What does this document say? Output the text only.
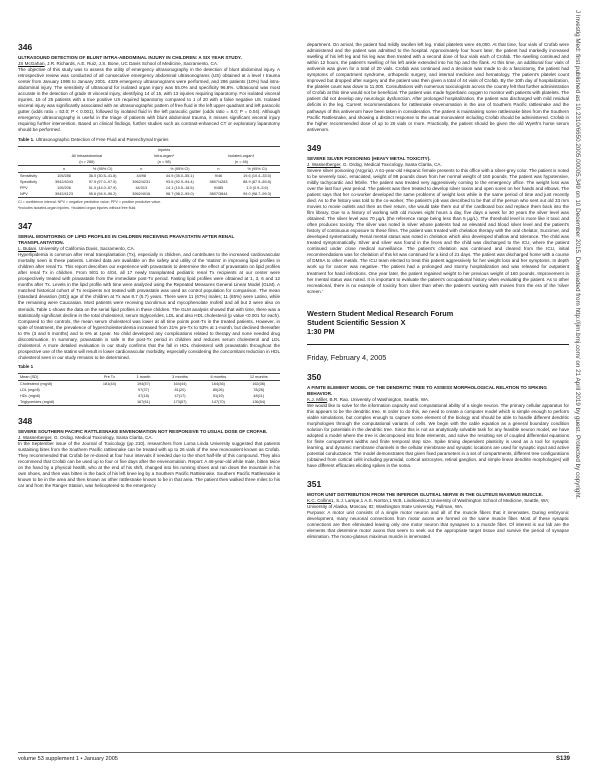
J Investig Med: first published as 10.2310/6650.2005.00005.349 on 10 December 2015. Downloaded from http://jim.bmj.com/ on 21 April 2019 by guest. Protected by copyright.

346

ULTRASOUND DETECTION OF BLUNT INTRA-ABDOMINAL INJURY IN CHILDREN: A SIX YEAR STUDY.

JS McGahan, J.R. Richards, A.E. Ruiz, J.S. Bone, UC Davis School of Medicine, Sacramento, CA.

The objective of this study was to assess the utility of emergency ultrasonography in the detection of blunt abdominal injury. A retrospective review was conducted of all consecutive emergency abdominal ultrasonograms (US) obtained at a level I trauma center from January 1995 to January 2001. 4329 emergency ultrasonograms were performed, and 286 patients (10%) had intra-abdominal injury. The sensitivity of ultrasound for isolated organ injury was 55.0% and specificity 96.8%. Ultrasound was most accurate in the detection of grade III visceral injury, identifying 14 of 15, with 13 injuries requiring laparotomy. For isolated visceral injuries, 15 of 25 patients with a true positive US required laparotomy compared to 1 of 20 with a false negative US. Isolated visceral injury was significantly associated with an ultrasonographic pattern of free fluid in the left upper quadrant and left paracolic gutter (odds ratio = 53.0; P < 0.001), followed by isolated fluid in the left paracolic gutter (odds ratio = 8.0; P = 0.04). Although emergency ultrasonography is useful in the triage of patients with blunt abdominal trauma, it misses significant visceral injury requiring further intervention. Based on clinical findings, further studies such as contrast-enhanced CT or exploratory laparotomy should be performed.

Table 1. Ultrasonographic Detection of Free Fluid and Parenchymal Injuries

	Injuries					
	All Intraabdominal		Intra-organ*		Isolated-organ†	
	(n = 286)		(n = 98)		(n = 46)	
	n	% (95% CI)	n	% (95% CI)	n	% (95% CI)
Sensitivity	105/286	36.0 (30.5–41.8)	44/98	44.9 (35.0–55.1)	9/46	19.6 (10.4–33.5)
Specificity	3942/4043	97.5 (97.0–97.9)	3962/4231	93.6 (92.9–94.4)	3807/4283	88.9 (87.9–89.8)
PPV	105/206	51.0 (44.0–57.9)	44/313	14.1 (10.5–18.5)	9/485	1.9 (0.9–3.6)
NPV	3942/4123	95.6 (94.9–96.2)	3962/4016	98.7 (98.2–99.0)	3807/3844	99.0 (98.7–99.3)

CI = confidence interval; NPV = negative predictive value; PPV = positive predictive value.

*Includes isolated-organ injuries. †Isolated organ injuries without free fluid.

347

SERIAL MONITORING OF LIPID PROFILES IN CHILDREN RECEIVING PRAVASTATIN AFTER RENAL TRANSPLANTATION.

L. Butani. University of California Davis, Sacramento, CA.

Hyperlipidemia is common after renal transplantation (Tx), especially in children, and contributes to the increased cardiovascular mortality seen in these patients. Limited data are available on the safety and utility of the 'statins' in improving lipid profiles in children after renal Tx. This report describes our experience with pravastatin to determine the effect of pravastatin on lipid profiles after renal Tx in children. From 9/01 to 4/04, all 17 newly transplanted pediatric renal Tx recipients at our center were prospectively treated with pravastatin from the immediate post-Tx period. Fasting lipid profiles were obtained at 1, 3, 6 and 12 months after Tx. Levels in the lipid profile with time were analyzed using the Repeated Measures General Linear Model (GLM). A matched historical cohort of Tx recipients not treated with pravastatin was used as control population for comparison. The mean (standard deviation (SD)) age of the children at Tx was 8.7 (5.7) years. There were 11 (67%) males; 11 (65%) were Latino, while the remaining were Caucasian. Most patients were receiving tacrolimus and mycophenolate mofetil and all but 2 were also on steroids. Table 1 shows the data on the serial lipid profiles in these children. The GLM analysis showed that with time, there was a statistically significant decline in the total cholesterol, serum triglycerides, LDL and also HDL cholesterol (p value <0.001 for each). Compared to the controls, the mean serum cholesterol was lower at all time points post-Tx in the treated patients. However, in spite of treatment, the prevalence of hypercholesterolemia increased from 31% pre-Tx to 53% at 1-month, but declined thereafter to 0% (3 and 6 months) and to 6% at 1year. No child developed any complications related to therapy and none needed drug discontinuation. In summary, pravastatin is safe in the post-Tx period in children and reduces serum cholesterol and LDL cholesterol. A more detailed evaluation in our study confirms that the fall in HDL cholesterol with pravastatin throughout the prospective use of the statins will result in lower cardiovascular morbidity, especially considering the concomitant reduction in HDL cholesterol seen in our study remains to be determined.

Table 1

Mean (SD)	Pre Tx	1 month	3 months	6 months	12 months
Cholesterol (mg/dl)	181(44)	194(57)	164(44)	164(36)	162(36)
LDL (mg/dl)		97(37)	81(20)	80(26)	78(26)
HDL (mg/dl)		47(18)	47(17)	51(19)	48(11)
Triglycerides (mg/dl)		167(61)	173(57)	147(70)	136(54)

348

SEVERE SOUTHERN PACIFIC RATTLESNAKE ENVENOMATION NOT RESPONSIVE TO USUAL DOSE OF CROFAB.

J. Wasserberger, G. Ordog. Medical Toxicology, Santa Clarita, CA.

In the September issue of the Journal of Toxicology (pp 210), researchers from Loma Linda University suggested that patients sustaining bites from the Southern Pacific rattlesnake can be treated with up to 26 vials of the new monovalent known as Crofab. They recommended that Crofab be re-dosed at four hour intervals if needed due to the short half-life of this compound. They also recommend that Crofab can be used up to four or five days after the envenomation. Report: A 46-year-old white male, bitten twice on the hand by a physical health, who at the end of his shift, changed into his running shoes and ran down the mountain in his own shoes, and then was bitten in the back of his left knee leg by a Southern Pacific Rattlesnake. Southern Pacific Rattlesnake is known to be in the area and then known as other rattlesnake known to be in that area. The patient then walked three miles to his car and from the Ranger Station, was helicoptered to the emergency

department. On arrival, the patient had mildly swollen left leg. Initial platelets were 46,000. At that time, four vials of Crofab were administered and the patient was admitted to the hospital. Approximately four hours later, the patient had markedly increased swelling of his left leg and his leg was then treated with a second dose of four vials each of Crofab. The swelling continued and within 12 hours, the patient's swelling of his left ankle extended into his hip and the flank. At this time, an additional four vials of antivenin was given for a total of 20 vials. Crofab was continued and a decision was made to do a fasciotomy, the patient had symptoms of compartment syndrome, orthopedic surgery, and internal medicine and hematology. The patient's platelet count improved but dropped after surgery and the patient was then given a total of 44 vials of Crofab. By the 10th day of hospitalization, the platelet count was down to 11,000. Consultations with numerous toxicologists across the country felt that further administration of Crofab at this time would not be beneficial. The patient was made hyperbaric oxygen to monitor with patients with platelets. The patient did not develop any neurologic dysfunction. After prolonged hospitalization, the patient was discharged with mild residual deficits in the leg. Current recommendations for rattlesnake envenomation in the use of Southern Pacific rattlesnake and the pathways of this antivenom have been taken in consideration. The patient is maintaining some rattlesnake bites from the Southern Pacific Rattlesnake, and showing a distinct response to the usual monovalent including Crofab should be administered. Crofab in the higher recommended dose of up to 26 vials or more. Practically, the patient should be given the old Wyeth's horse serum antivenom.

349

SEVERE SILVER POISONING (HEAVY METAL TOXICITY).

J. Wasserberger, G. Ordog. Medical Toxicology, Santa Clarita, CA.

Severe silver poisoning (Argyria). A 61-year-old Hispanic female presents to this office with a silver-grey color. The patient is noted to be severely toxic, emaciated, weight of 98 pounds down from her normal weight of 160 pounds. The patient was hypotensive, mildly tachycardic and febrile. The patient was treated very aggressively coming to the emergency office. The weight loss was over the last four year period. The patient was then treated to develop silver toxins and open sores on her hands and elbows. The patient says that her co-worker developed the same problems of weight loss while in the same period of time and just recently died. As to the history was told to the co-worker, The patient's job was described to be that of the person who sent out old 33 mm movies to movie outlets and then as their return, she would take them out of the cardboard box and replace them back into the film library. Due to a history of working with old movies eight hours a day, five days a week for 30 years the silver level was obtained. The silver level was 70 μg/L (the reference range being less than 5 μg/L). The threshold level is more like it toxic and often produces toxicity. The silver was noted in silver whose patients had an elevated and blood silver level and the patient's history of continuous exposure to these films. The patient was treated with chelation therapy with the oral chelator, Succimer, and developed systematically. Renal mental status was noted in chelation which also developed shallow and tolerance. The child was treated symptomatically. Silver and silver was found in the feces and the child was discharged to the ICU, where the patient continued under close medical surveillance. The patient's chelation was continued and cleared from the ICU, initial recommendations was for chelation of this kit was continued for a kind of 21 days. The patient was discharged home with a course of DMSA to other metals. The ICU team elected to treat this patient aggressively for her weight loss and her symptoms. In depth work up for cancer was negative. The patient had a prolonged and stormy hospitalization and was released for outpatient treatment for hand infections. One year later, the patient regained weight to her previous weight of 160 pounds. Improvement in her mental status was noted. It is important to evaluate the patient's occupational history when evaluating the patient. As to other recreational, there is no example of toxicity from silver than when the patient's working with movies from the era of the 'silver screen.'

Western Student Medical Research Forum

Student Scientific Session X

1:30 PM

Friday, February 4, 2005

350

A FINITE ELEMENT MODEL OF THE DENDRITIC TREE TO ASSESS MORPHOLOGICAL RELATION TO SPIKING BEHAVIOR.

K.J. Miller, B.R. Rao. University of Washington, Seattle, WA.

We would like to solve for the information capacity and computational ability of a single neuron. The primary cellular apparatus for this appears to be the dendritic tree. In order to do this, we need to create a computer model which is simple enough to perform viable simulations, but complex enough to capture some element of the biology and should be able to handle different dendritic morphologies through the computational variants of cells. We begin with the cable equation as a general boundary condition solution for potentials in the dendritic tree. Since this is not an analytically solvable task for any feasible neuron model, we have adopted a model where the tree is decomposed into finite elements, and solve the resulting set of coupled differential equations for finite compartment widths and finite temporal step size. Spike timing dependent plasticity is used as a tool for synaptic learning, and dynamic membrane channels in the cellular membrane and synaptic locations are used for synaptic input and active potential conductance. The model demonstrates that given fixed parameters in a set of compartments, different tree configurations (obtained from cortical cells including pyramidal, cortical astrocytes, retinal ganglion, and simple linear dendrite morphologies) will have different efficacies eliciting spikes in the soma.

351

MOTOR UNIT DISTRIBUTION FROM THE INFERIOR GLUTEAL NERVE IN THE GLUTEUS MAXIMUS MUSCLE.

K.C. Collins1, S.J. Lampe,1 A.S. Norton,1 W.B. Lindsoeski,2 University of Washington School of Medicine, Seattle, WA; University of Alaska, Moscow, ID; Washington State University, Pullman, WA.

Purpose: A motor unit consists of a single motor neuron and all of the muscle fibers that it innervates. During embryonic development, many neuronal connections from motor axons are formed on the same muscle fiber. Most of these synaptic connections are then eliminated leaving only one motor neuron that synapses to a muscle fiber. Of interest is our lab are the elements that determine motor axons that seem to seek out the appropriate target tissue and survive the period of synapse elimination. The mono-gluteus maximus muscle is innervated

volume 53 supplement 1 • January 2005	S139
